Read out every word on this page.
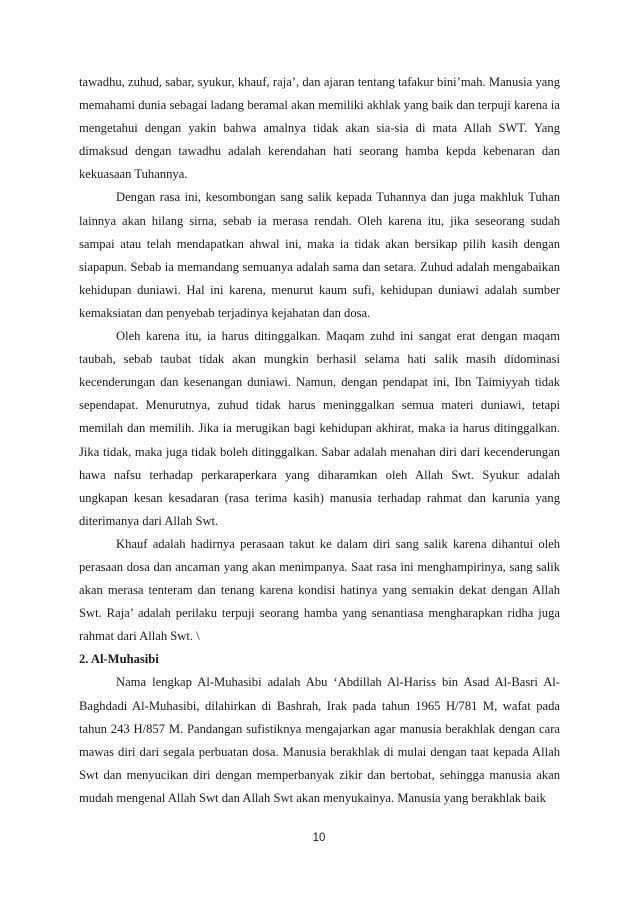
tawadhu, zuhud, sabar, syukur, khauf, raja’, dan ajaran tentang tafakur bini’mah. Manusia yang memahami dunia sebagai ladang beramal akan memiliki akhlak yang baik dan terpuji karena ia mengetahui dengan yakin bahwa amalnya tidak akan sia-sia di mata Allah SWT. Yang dimaksud dengan tawadhu adalah kerendahan hati seorang hamba kepda kebenaran dan kekuasaan Tuhannya.

Dengan rasa ini, kesombongan sang salik kepada Tuhannya dan juga makhluk Tuhan lainnya akan hilang sirna, sebab ia merasa rendah. Oleh karena itu, jika seseorang sudah sampai atau telah mendapatkan ahwal ini, maka ia tidak akan bersikap pilih kasih dengan siapapun. Sebab ia memandang semuanya adalah sama dan setara. Zuhud adalah mengabaikan kehidupan duniawi. Hal ini karena, menurut kaum sufi, kehidupan duniawi adalah sumber kemaksiatan dan penyebab terjadinya kejahatan dan dosa.

Oleh karena itu, ia harus ditinggalkan. Maqam zuhd ini sangat erat dengan maqam taubah, sebab taubat tidak akan mungkin berhasil selama hati salik masih didominasi kecenderungan dan kesenangan duniawi. Namun, dengan pendapat ini, Ibn Taimiyyah tidak sependapat. Menurutnya, zuhud tidak harus meninggalkan semua materi duniawi, tetapi memilah dan memilih. Jika ia merugikan bagi kehidupan akhirat, maka ia harus ditinggalkan. Jika tidak, maka juga tidak boleh ditinggalkan. Sabar adalah menahan diri dari kecenderungan hawa nafsu terhadap perkaraperkara yang diharamkan oleh Allah Swt. Syukur adalah ungkapan kesan kesadaran (rasa terima kasih) manusia terhadap rahmat dan karunia yang diterimanya dari Allah Swt.

Khauf adalah hadirnya perasaan takut ke dalam diri sang salik karena dihantui oleh perasaan dosa dan ancaman yang akan menimpanya. Saat rasa ini menghampirinya, sang salik akan merasa tenteram dan tenang karena kondisi hatinya yang semakin dekat dengan Allah Swt. Raja’ adalah perilaku terpuji seorang hamba yang senantiasa mengharapkan ridha juga rahmat dari Allah Swt. \

2. Al-Muhasibi

Nama lengkap Al-Muhasibi adalah Abu ‘Abdillah Al-Hariss bin Asad Al-Basri Al-Baghdadi Al-Muhasibi, dilahirkan di Bashrah, Irak pada tahun 1965 H/781 M, wafat pada tahun 243 H/857 M. Pandangan sufistiknya mengajarkan agar manusia berakhlak dengan cara mawas diri dari segala perbuatan dosa. Manusia berakhlak di mulai dengan taat kepada Allah Swt dan menyucikan diri dengan memperbanyak zikir dan bertobat, sehingga manusia akan mudah mengenal Allah Swt dan Allah Swt akan menyukainya. Manusia yang berakhlak baik

10
